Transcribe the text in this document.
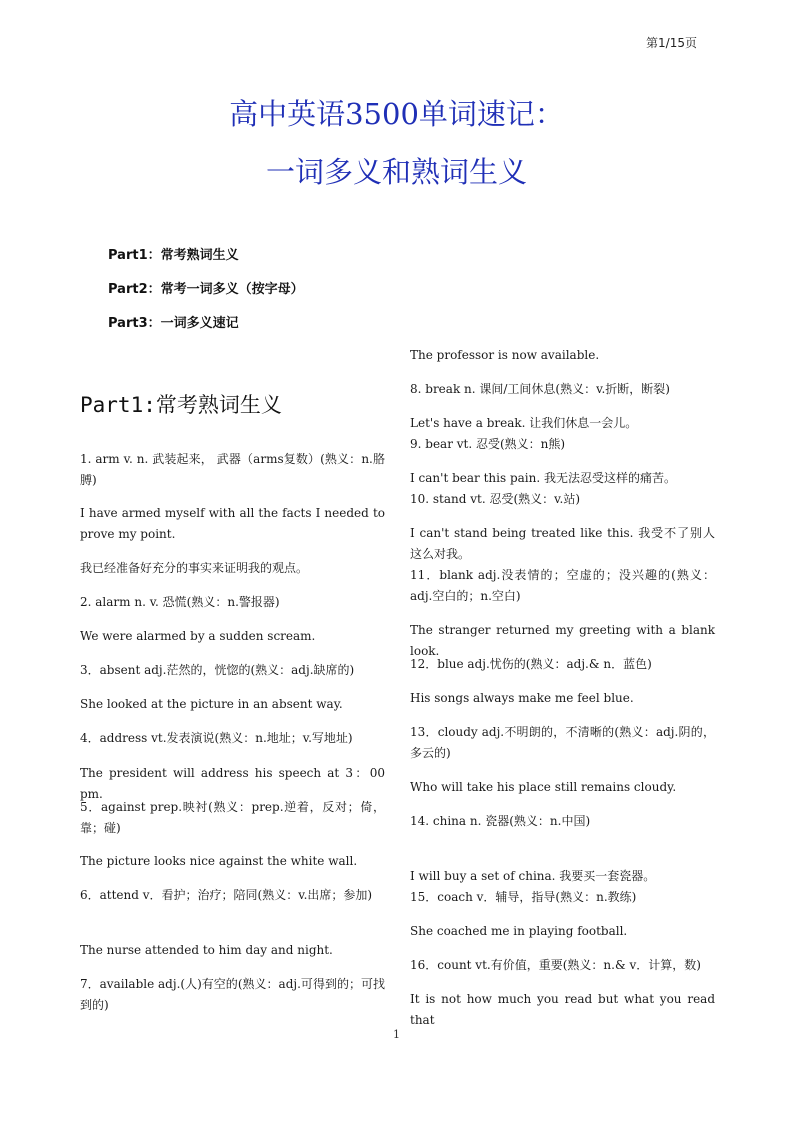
第1/15页
高中英语3500单词速记：
一词多义和熟词生义
Part1：常考熟词生义
Part2：常考一词多义（按字母）
Part3：一词多义速记
Part1:常考熟词生义
1. arm v. n. 武装起来， 武器（arms复数）(熟义：n.胳膊)
I have armed myself with all the facts I needed to prove my point.
我已经准备好充分的事实来证明我的观点。
2. alarm n. v. 恐慌(熟义：n.警报器)
We were alarmed by a sudden scream.
3．absent adj.茫然的，恍惚的(熟义：adj.缺席的)
She looked at the picture in an absent way.
4．address vt.发表演说(熟义：n.地址；v.写地址)
The president will address his speech at 3：00 pm.
5．against prep.映衬(熟义：prep.逆着，反对；倚，靠；碰)
The picture looks nice against the white wall.
6．attend v．看护；治疗；陪同(熟义：v.出席；参加)
The nurse attended to him day and night.
7．available adj.(人)有空的(熟义：adj.可得到的；可找到的)
The professor is now available.
8. break n. 课间/工间休息(熟义：v.折断，断裂)
Let's have a break. 让我们休息一会儿。
9. bear vt. 忍受(熟义：n熊)
I can't bear this pain. 我无法忍受这样的痛苦。
10. stand vt. 忍受(熟义：v.站)
I can't stand being treated like this. 我受不了别人这么对我。
11．blank adj.没表情的；空虚的；没兴趣的(熟义：adj.空白的；n.空白)
The stranger returned my greeting with a blank look.
12．blue adj.忧伤的(熟义：adj.& n．蓝色)
His songs always make me feel blue.
13．cloudy adj.不明朗的，不清晰的(熟义：adj.阴的，多云的)
Who will take his place still remains cloudy.
14. china n. 瓷器(熟义：n.中国)
I will buy a set of china. 我要买一套瓷器。
15．coach v．辅导，指导(熟义：n.教练)
She coached me in playing football.
16．count vt.有价值，重要(熟义：n.& v．计算，数)
It is not how much you read but what you read that
1
